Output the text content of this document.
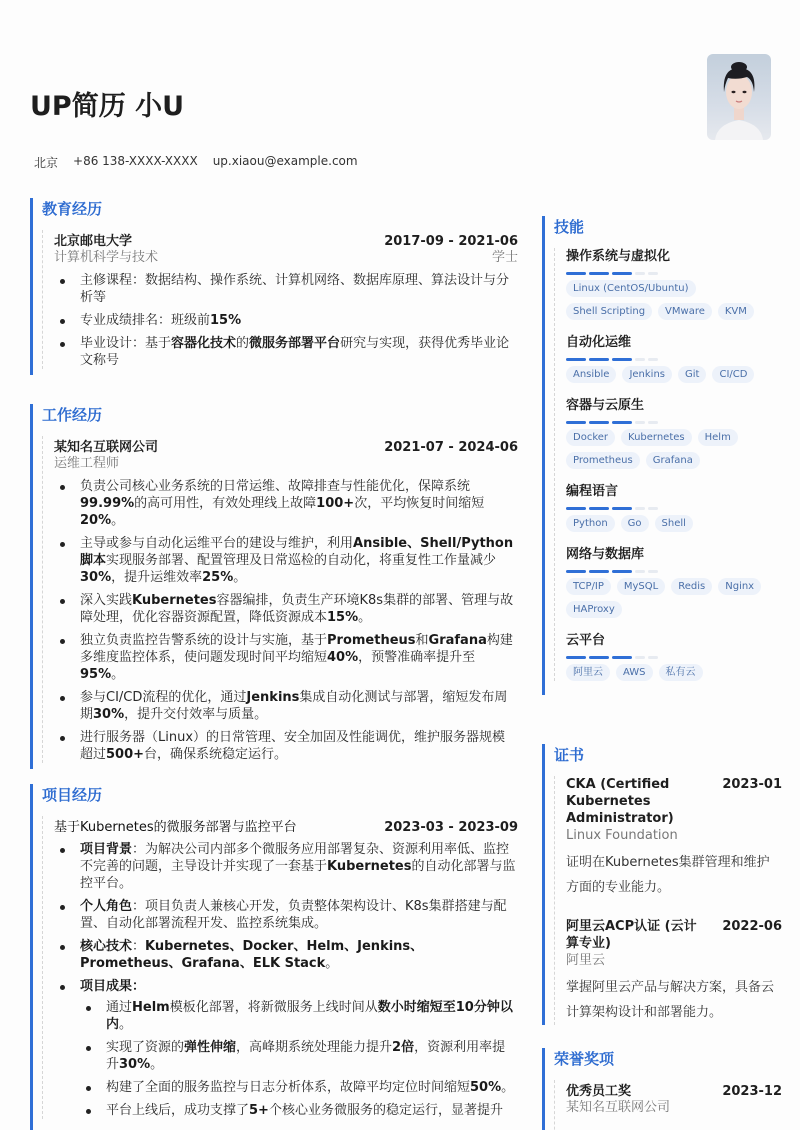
UP简历 小U
北京 +86 138-XXXX-XXXX up.xiaou@example.com
教育经历
北京邮电大学	2017-09 - 2021-06
计算机科学与技术	学士
主修课程：数据结构、操作系统、计算机网络、数据库原理、算法设计与分析等
专业成绩排名：班级前15%
毕业设计：基于容器化技术的微服务部署平台研究与实现，获得优秀毕业论文称号
工作经历
某知名互联网公司	2021-07 - 2024-06
运维工程师
负责公司核心业务系统的日常运维、故障排查与性能优化，保障系统99.99%的高可用性，有效处理线上故障100+次，平均恢复时间缩短20%。
主导或参与自动化运维平台的建设与维护，利用Ansible、Shell/Python脚本实现服务部署、配置管理及日常巡检的自动化，将重复性工作量减少30%，提升运维效率25%。
深入实践Kubernetes容器编排，负责生产环境K8s集群的部署、管理与故障处理，优化容器资源配置，降低资源成本15%。
独立负责监控告警系统的设计与实施，基于Prometheus和Grafana构建多维度监控体系，使问题发现时间平均缩短40%，预警准确率提升至95%。
参与CI/CD流程的优化，通过Jenkins集成自动化测试与部署，缩短发布周期30%，提升交付效率与质量。
进行服务器（Linux）的日常管理、安全加固及性能调优，维护服务器规模超过500+台，确保系统稳定运行。
项目经历
基于Kubernetes的微服务部署与监控平台	2023-03 - 2023-09
项目背景：为解决公司内部多个微服务应用部署复杂、资源利用率低、监控不完善的问题，主导设计并实现了一套基于Kubernetes的自动化部署与监控平台。
个人角色：项目负责人兼核心开发，负责整体架构设计、K8s集群搭建与配置、自动化部署流程开发、监控系统集成。
核心技术：Kubernetes、Docker、Helm、Jenkins、Prometheus、Grafana、ELK Stack。
项目成果：
通过Helm模板化部署，将新微服务上线时间从数小时缩短至10分钟以内。
实现了资源的弹性伸缩，高峰期系统处理能力提升2倍，资源利用率提升30%。
构建了全面的服务监控与日志分析体系，故障平均定位时间缩短50%。
平台上线后，成功支撑了5+个核心业务微服务的稳定运行，显著提升
技能
操作系统与虚拟化
Linux (CentOS/Ubuntu)
Shell Scripting	VMware	KVM
自动化运维
Ansible	Jenkins	Git	CI/CD
容器与云原生
Docker	Kubernetes	Helm
Prometheus	Grafana
编程语言
Python	Go	Shell
网络与数据库
TCP/IP	MySQL	Redis	Nginx
HAProxy
云平台
阿里云	AWS	私有云
证书
CKA (Certified Kubernetes Administrator)
2023-01
Linux Foundation
证明在Kubernetes集群管理和维护方面的专业能力。
阿里云ACP认证 (云计算专业)
2022-06
阿里云
掌握阿里云产品与解决方案，具备云计算架构设计和部署能力。
荣誉奖项
优秀员工奖	2023-12
某知名互联网公司
